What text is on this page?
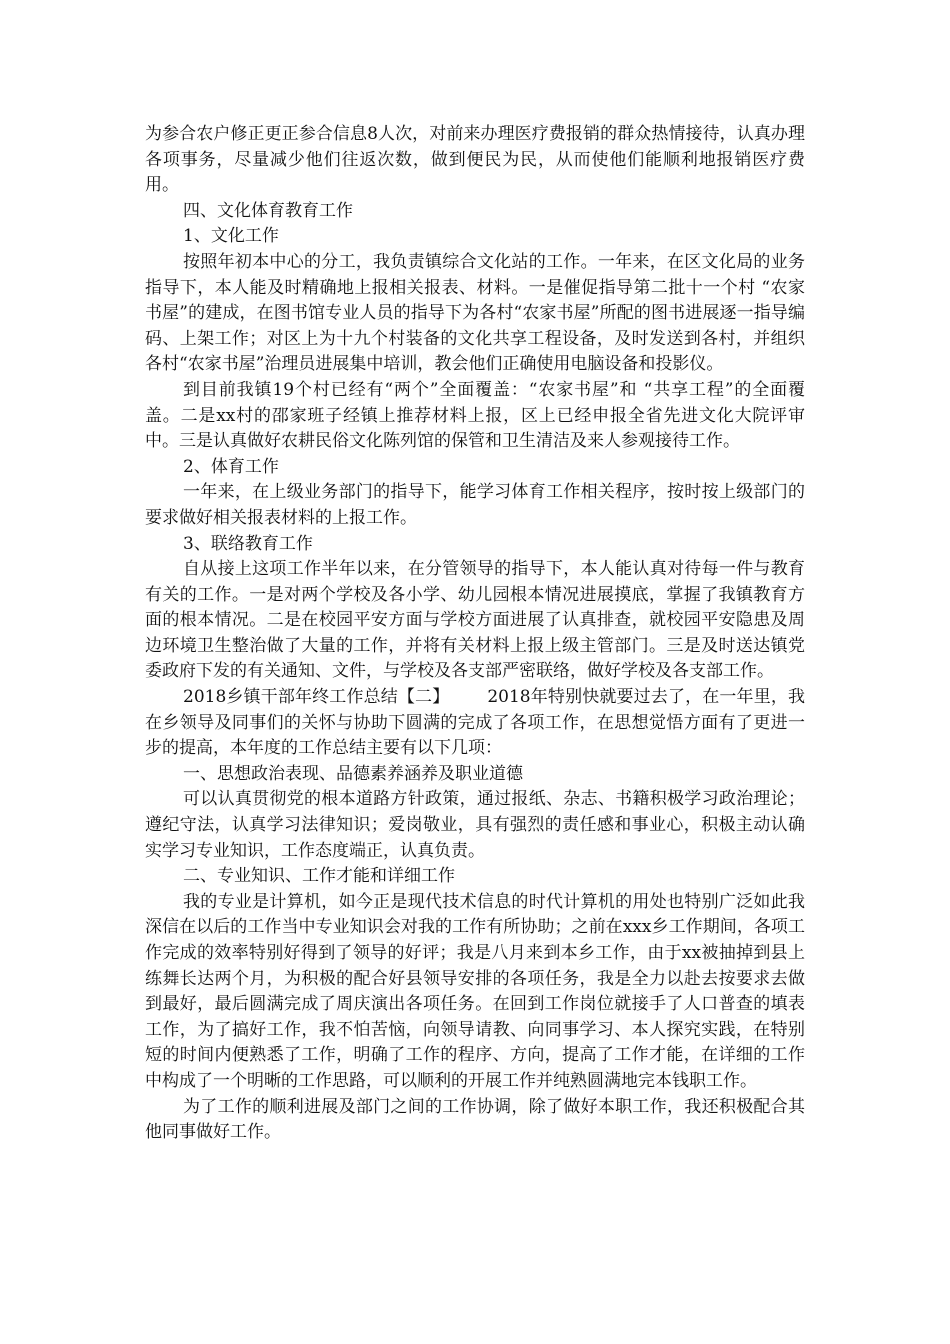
为参合农户修正更正参合信息8人次，对前来办理医疗费报销的群众热情接待，认真办理各项事务，尽量减少他们往返次数，做到便民为民，从而使他们能顺利地报销医疗费用。

四、文化体育教育工作

1、文化工作

按照年初本中心的分工，我负责镇综合文化站的工作。一年来，在区文化局的业务指导下，本人能及时精确地上报相关报表、材料。一是催促指导第二批十一个村 “农家书屋”的建成，在图书馆专业人员的指导下为各村“农家书屋”所配的图书进展逐一指导编码、上架工作；对区上为十九个村装备的文化共享工程设备，及时发送到各村，并组织各村“农家书屋”治理员进展集中培训，教会他们正确使用电脑设备和投影仪。

到目前我镇19个村已经有“两个”全面覆盖：“农家书屋”和 “共享工程”的全面覆盖。二是xx村的邵家班子经镇上推荐材料上报，区上已经申报全省先进文化大院评审中。三是认真做好农耕民俗文化陈列馆的保管和卫生清洁及来人参观接待工作。

2、体育工作

一年来，在上级业务部门的指导下，能学习体育工作相关程序，按时按上级部门的要求做好相关报表材料的上报工作。

3、联络教育工作

自从接上这项工作半年以来，在分管领导的指导下，本人能认真对待每一件与教育有关的工作。一是对两个学校及各小学、幼儿园根本情况进展摸底，掌握了我镇教育方面的根本情况。二是在校园平安方面与学校方面进展了认真排查，就校园平安隐患及周边环境卫生整治做了大量的工作，并将有关材料上报上级主管部门。三是及时送达镇党委政府下发的有关通知、文件，与学校及各支部严密联络，做好学校及各支部工作。

2018乡镇干部年终工作总结【二】 2018年特别快就要过去了，在一年里，我在乡领导及同事们的关怀与协助下圆满的完成了各项工作，在思想觉悟方面有了更进一步的提高，本年度的工作总结主要有以下几项：

一、思想政治表现、品德素养涵养及职业道德

可以认真贯彻党的根本道路方针政策，通过报纸、杂志、书籍积极学习政治理论；遵纪守法，认真学习法律知识；爱岗敬业，具有强烈的责任感和事业心，积极主动认确实学习专业知识，工作态度端正，认真负责。

二、专业知识、工作才能和详细工作

我的专业是计算机，如今正是现代技术信息的时代计算机的用处也特别广泛如此我深信在以后的工作当中专业知识会对我的工作有所协助；之前在xxx乡工作期间，各项工作完成的效率特别好得到了领导的好评；我是八月来到本乡工作，由于xx被抽掉到县上练舞长达两个月，为积极的配合好县领导安排的各项任务，我是全力以赴去按要求去做到最好，最后圆满完成了周庆演出各项任务。在回到工作岗位就接手了人口普查的填表工作，为了搞好工作，我不怕苦恼，向领导请教、向同事学习、本人探究实践，在特别短的时间内便熟悉了工作，明确了工作的程序、方向，提高了工作才能，在详细的工作中构成了一个明晰的工作思路，可以顺利的开展工作并纯熟圆满地完本钱职工作。

为了工作的顺利进展及部门之间的工作协调，除了做好本职工作，我还积极配合其他同事做好工作。
